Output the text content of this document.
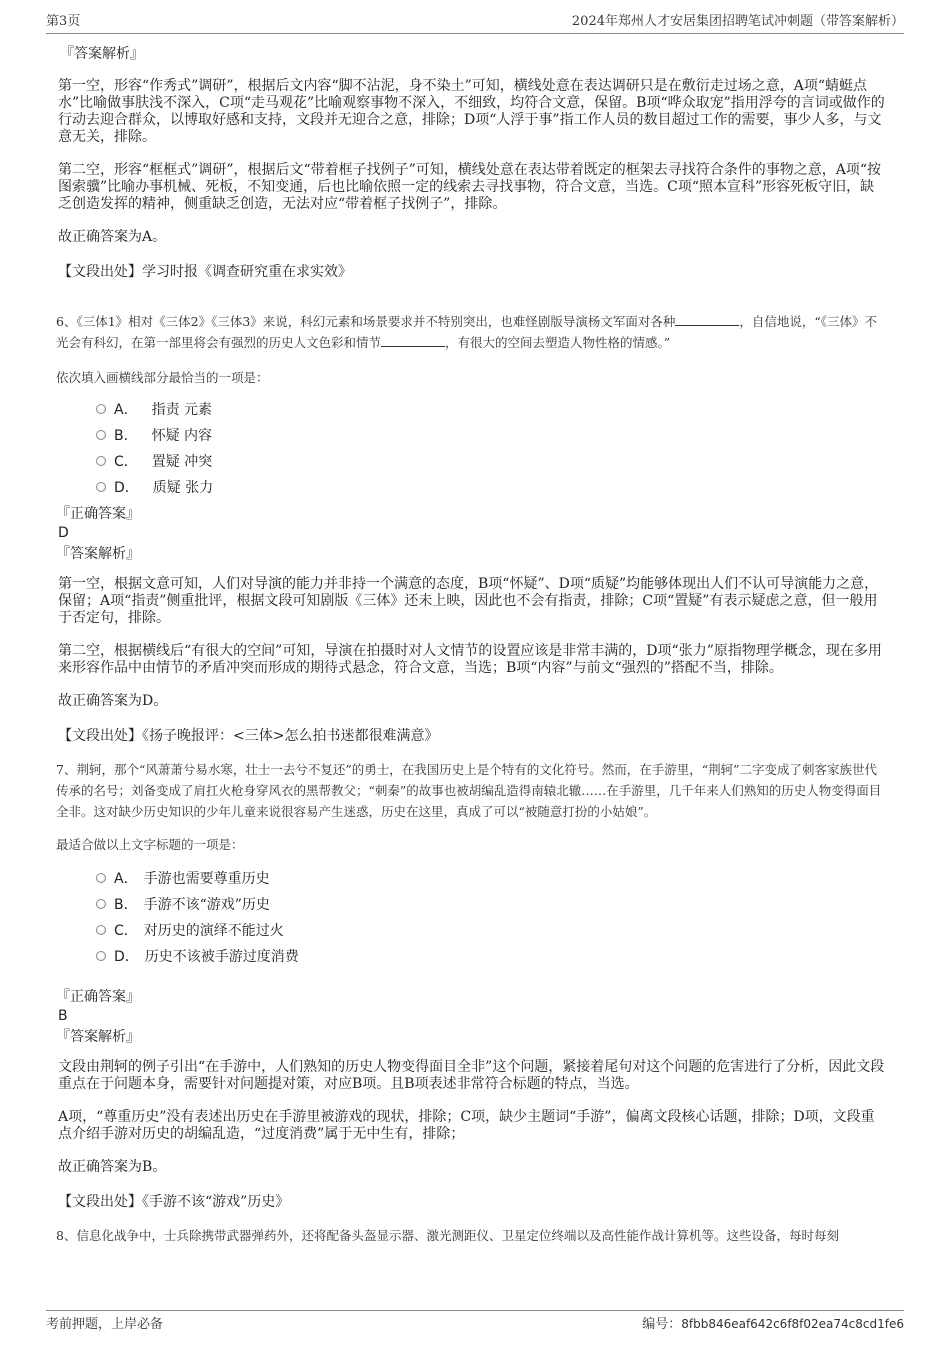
第3页	2024年郑州人才安居集团招聘笔试冲刺题（带答案解析）
『答案解析』
第一空，形容“作秀式”调研”，根据后文内容“脚不沾泥，身不染土”可知，横线处意在表达调研只是在敷衍走过场之意，A项“蜻蜓点水”比喻做事肤浅不深入，C项“走马观花”比喻观察事物不深入，不细致，均符合文意，保留。B项“哗众取宠”指用浮夸的言词或做作的行动去迎合群众，以博取好感和支持，文段并无迎合之意，排除；D项“人浮于事”指工作人员的数目超过工作的需要，事少人多，与文意无关，排除。
第二空，形容“框框式”调研”，根据后文“带着框子找例子”可知，横线处意在表达带着既定的框架去寻找符合条件的事物之意，A项“按图索骥”比喻办事机械、死板，不知变通，后也比喻依照一定的线索去寻找事物，符合文意，当选。C项“照本宣科”形容死板守旧，缺乏创造发挥的精神，侧重缺乏创造，无法对应“带着框子找例子”，排除。
故正确答案为A。
【文段出处】学习时报《调查研究重在求实效》
6、《三体1》相对《三体2》《三体3》来说，科幻元素和场景要求并不特别突出，也难怪剧版导演杨文军面对各种	，自信地说，“《三体》不光会有科幻，在第一部里将会有强烈的历史人文色彩和情节	，有很大的空间去塑造人物性格的情感。”
依次填入画横线部分最恰当的一项是：
A． 指责 元素
B． 怀疑 内容
C． 置疑 冲突
D． 质疑 张力
『正确答案』
D
『答案解析』
第一空，根据文意可知，人们对导演的能力并非持一个满意的态度，B项“怀疑”、D项“质疑”均能够体现出人们不认可导演能力之意，保留；A项“指责”侧重批评，根据文段可知剧版《三体》还未上映，因此也不会有指责，排除；C项“置疑”有表示疑虑之意，但一般用于否定句，排除。
第二空，根据横线后“有很大的空间”可知，导演在拍摄时对人文情节的设置应该是非常丰满的，D项“张力”原指物理学概念，现在多用来形容作品中由情节的矛盾冲突而形成的期待式悬念，符合文意，当选；B项“内容”与前文“强烈的”搭配不当，排除。
故正确答案为D。
【文段出处】《扬子晚报评：<三体>怎么拍书迷都很难满意》
7、荆轲，那个“风萧萧兮易水寒，壮士一去兮不复还”的勇士，在我国历史上是个特有的文化符号。然而，在手游里，“荆轲”二字变成了刺客家族世代传承的名号；刘备变成了肩扛火枪身穿风衣的黑帮教父；“刺秦”的故事也被胡编乱造得南辕北辙……在手游里，几千年来人们熟知的历史人物变得面目全非。这对缺少历史知识的少年儿童来说很容易产生迷惑，历史在这里，真成了可以“被随意打扮的小姑娘”。
最适合做以上文字标题的一项是：
A． 手游也需要尊重历史
B． 手游不该“游戏”历史
C． 对历史的演绎不能过火
D． 历史不该被手游过度消费
『正确答案』
B
『答案解析』
文段由荆轲的例子引出“在手游中，人们熟知的历史人物变得面目全非”这个问题，紧接着尾句对这个问题的危害进行了分析，因此文段重点在于问题本身，需要针对问题提对策，对应B项。且B项表述非常符合标题的特点，当选。
A项，“尊重历史”没有表述出历史在手游里被游戏的现状，排除；C项，缺少主题词“手游”，偏离文段核心话题，排除；D项，文段重点介绍手游对历史的胡编乱造，“过度消费”属于无中生有，排除；
故正确答案为B。
【文段出处】《手游不该“游戏”历史》
8、信息化战争中，士兵除携带武器弹药外，还将配备头盔显示器、激光测距仪、卫星定位终端以及高性能作战计算机等。这些设备，每时每刻
考前押题，上岸必备	编号：8fbb846eaf642c6f8f02ea74c8cd1fe6
